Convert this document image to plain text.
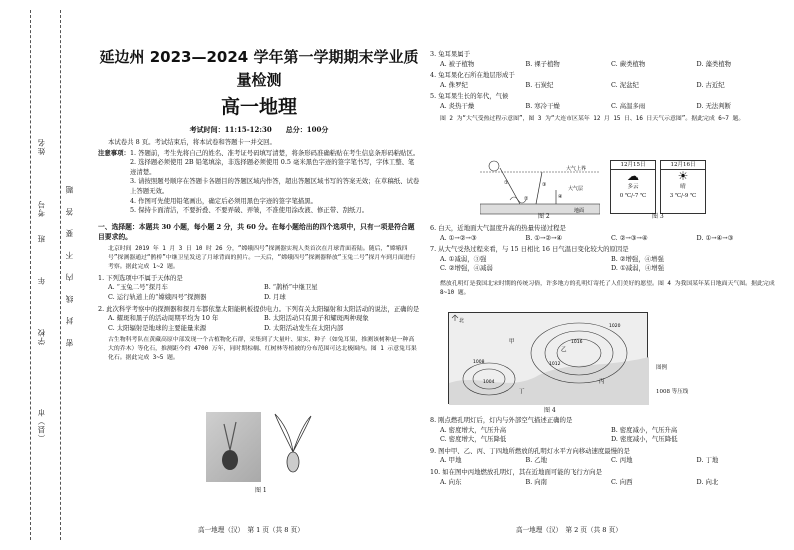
（县）市
学校
年
班
考号
姓名
密 封 线 内 不 要 答 题
延边州 2023—2024 学年第一学期期末学业质量检测
高一地理
考试时间：11:15-12:30　　总分：100分
本试卷共 8 页。考试结束后，将本试卷和答题卡一并交回。
注意事项： 1. 答题前，考生先将自己的姓名、准考证号码填写清楚，将条形码准确粘贴在考生信息条形码粘贴区。
2. 选择题必须使用 2B 铅笔填涂，非选择题必须使用 0.5 毫米黑色字迹的签字笔书写，字体工整、笔迹清楚。
3. 请按照题号顺序在答题卡各题目的答题区域内作答，超出答题区域书写的答案无效；在草稿纸、试卷上答题无效。
4. 作图可先使用铅笔画出，确定后必须用黑色字迹的签字笔描黑。
5. 保持卡面清洁，不要折叠、不要弄破、弄皱，不准使用涂改液、修正带、刮纸刀。
一、选择题：本题共 30 小题，每小题 2 分，共 60 分。在每小题给出的四个选项中，只有一项是符合题目要求的。
北京时间 2019 年 1 月 3 日 10 时 26 分，“嫦娥四号”探测器实现人类首次在月球背面着陆。随后，“嫦娥四号”探测器通过“鹊桥”中继卫星发送了月球背面的照片。一天后，“嫦娥四号”探测器释放“玉兔二号”探月车到月面进行考察。据此完成 1~2 题。
1. 下列选项中不属于天体的是
A. “玉兔二号”探月车	B. “鹊桥”中继卫星
C. 运行轨道上的“嫦娥四号”探测器	D. 月球
2. 此次科学考察中的探测器和探月车都依靠太阳能帆板提供电力。下列有关太阳辐射和太阳活动的说法，正确的是
A. 耀斑和黑子的活动周期平均为 10 年	B. 太阳活动只有黑子和耀斑两种现象
C. 太阳辐射是地球的主要能量来源	D. 太阳活动发生在太阳内部
古生物科考队在黄藏高原中部发现一个古植物化石群，采集到了大量叶、果实、种子（如兔耳果，推测该树种是一种高大的乔木）等化石，推测距今约 4700 万年，同时期棕榈、红树林等植被的分布范围可达北极圈内。图 1 示意兔耳果化石。据此完成 3~5 题。
图 1
高一地理（汉）　第 1 页（共 8 页）
3. 兔耳果属于
A. 被子植物	B. 裸子植物	C. 蕨类植物	D. 藻类植物
4. 兔耳果化石所在地层形成于
A. 侏罗纪	B. 石炭纪	C. 泥盆纪	D. 古近纪
5. 兔耳果生长的年代，气候
A. 炎热干燥	B. 寒冷干燥	C. 高温多雨	D. 无法判断
图 2 为“大气受热过程示意图”，图 3 为“大连市区某年 12 月 15 日、16 日天气示意图”。据此完成 6~7 题。
大气上界
大气层
地面
①
②
③
④
图 2
12月15日
☁
多云
0 ℃/-7 ℃
12月16日
☀
晴
3 ℃/-9 ℃
图 3
6. 白天，近地面大气温度升高的热量传递过程是
A. ①→②→③	B. ①→②→④	C. ②→③→④	D. ①→④→③
7. 从大气受热过程来看，与 15 日相比 16 日气温日变化较大的原因是
A. ①减弱，③强	B. ②增强，④增强
C. ②增强，④减弱	D. ①减弱，④增强
燃放孔明灯是我国北宋时期的传统习俗，许多地方的孔明灯寄托了人们美好的愿望。图 4 为我国某年某日地面天气图。据此完成 8~10 题。
北
甲
乙
丙
丁
1020
1016
1012
1008
1004
图例
1008 等压线
图 4
8. 刚点燃孔明灯后，灯内与外部空气描述正确的是
A. 密度增大，气压升高	B. 密度减小，气压升高
C. 密度增大，气压降低	D. 密度减小，气压降低
9. 图中甲、乙、丙、丁四地所燃放的孔明灯水平方向移动速度最慢的是
A. 甲地	B. 乙地	C. 丙地	D. 丁地
10. 如在图中丙地燃放孔明灯，其在近地面可能的飞行方向是
A. 向东	B. 向南	C. 向西	D. 向北
高一地理（汉）　第 2 页（共 8 页）
